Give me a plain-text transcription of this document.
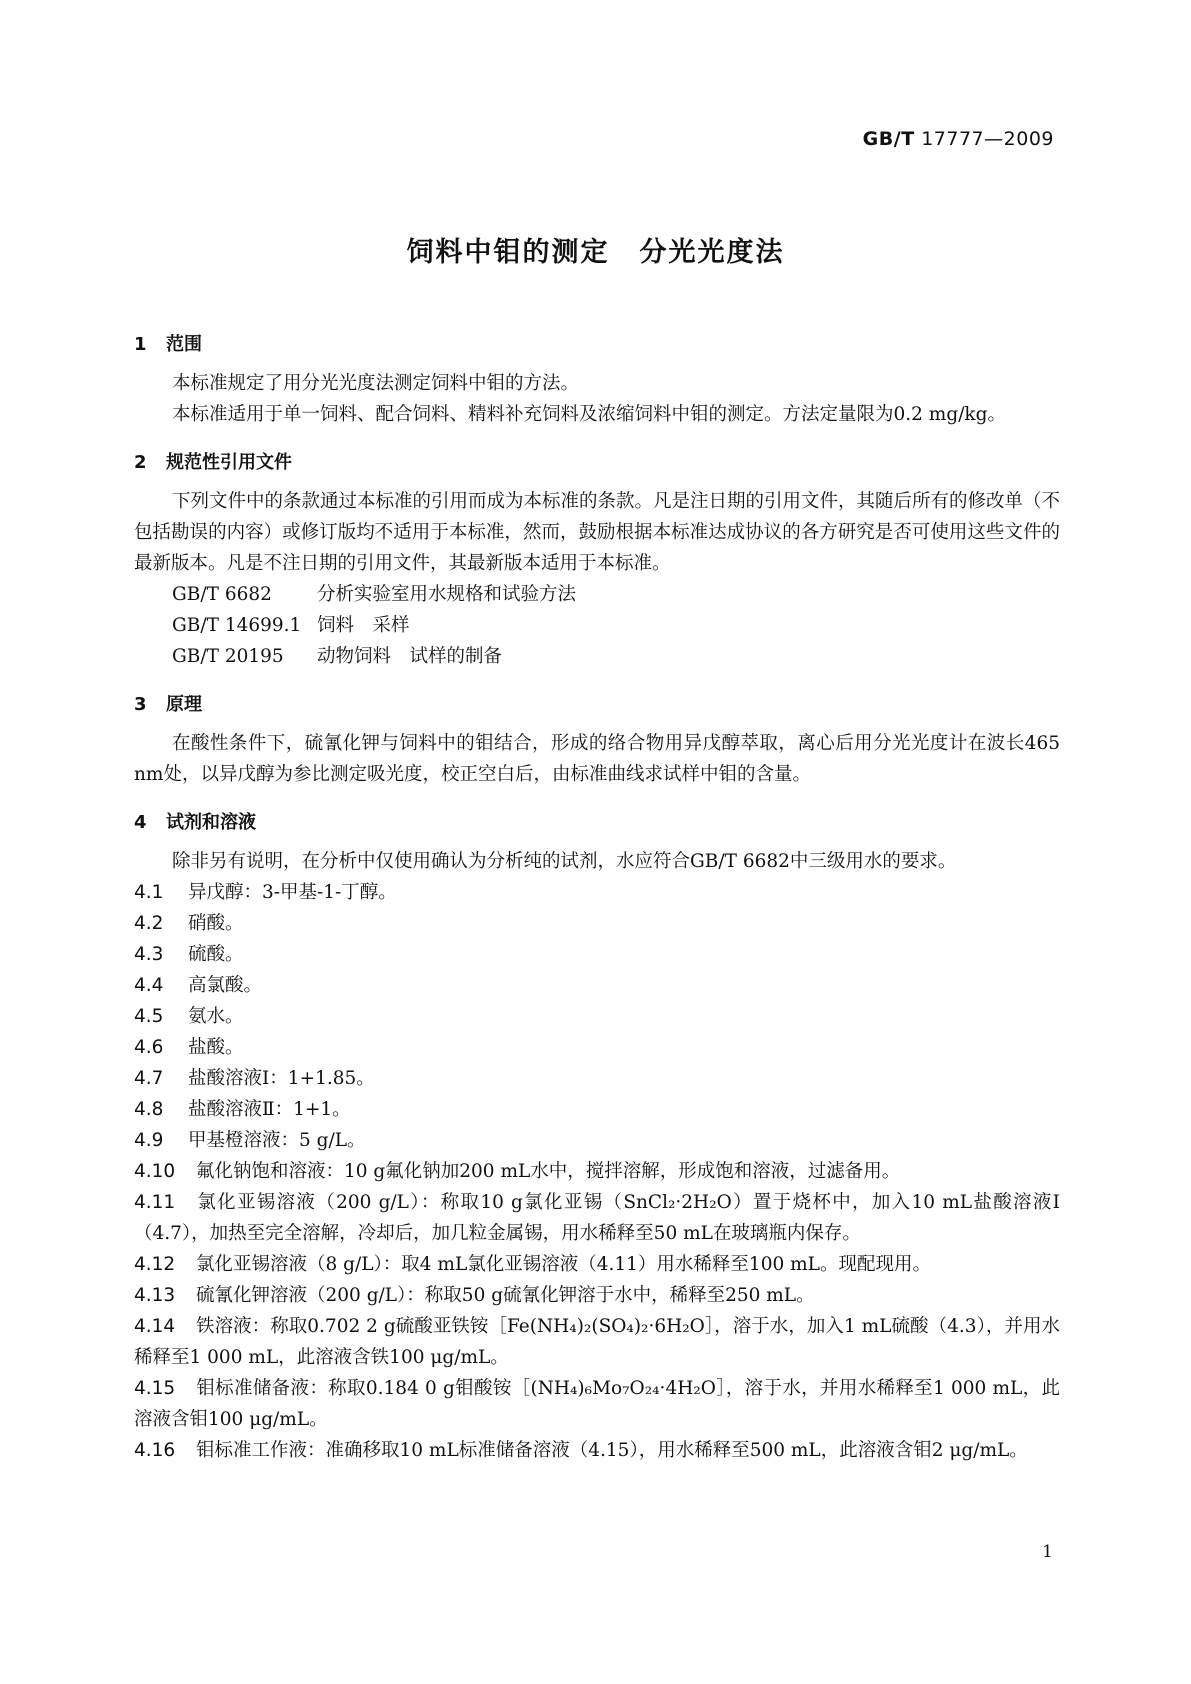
GB/T 17777—2009
饲料中钼的测定 分光光度法
1 范围

本标准规定了用分光光度法测定饲料中钼的方法。

本标准适用于单一饲料、配合饲料、精料补充饲料及浓缩饲料中钼的测定。方法定量限为0.2 mg/kg。

2 规范性引用文件

下列文件中的条款通过本标准的引用而成为本标准的条款。凡是注日期的引用文件，其随后所有的修改单（不包括勘误的内容）或修订版均不适用于本标准，然而，鼓励根据本标准达成协议的各方研究是否可使用这些文件的最新版本。凡是不注日期的引用文件，其最新版本适用于本标准。

GB/T 6682 分析实验室用水规格和试验方法
GB/T 14699.1 饲料　采样
GB/T 20195 动物饲料　试样的制备
3 原理

在酸性条件下，硫氰化钾与饲料中的钼结合，形成的络合物用异戊醇萃取，离心后用分光光度计在波长465 nm处，以异戊醇为参比测定吸光度，校正空白后，由标准曲线求试样中钼的含量。

4 试剂和溶液

除非另有说明，在分析中仅使用确认为分析纯的试剂，水应符合GB/T 6682中三级用水的要求。

4.1 异戊醇：3-甲基-1-丁醇。
4.2 硝酸。
4.3 硫酸。
4.4 高氯酸。
4.5 氨水。
4.6 盐酸。
4.7 盐酸溶液Ⅰ：1+1.85。
4.8 盐酸溶液Ⅱ：1+1。
4.9 甲基橙溶液：5 g/L。
4.10 氟化钠饱和溶液：10 g氟化钠加200 mL水中，搅拌溶解，形成饱和溶液，过滤备用。
4.11 氯化亚锡溶液（200 g/L）：称取10 g氯化亚锡（SnCl₂·2H₂O）置于烧杯中，加入10 mL盐酸溶液Ⅰ（4.7），加热至完全溶解，冷却后，加几粒金属锡，用水稀释至50 mL在玻璃瓶内保存。
4.12 氯化亚锡溶液（8 g/L）：取4 mL氯化亚锡溶液（4.11）用水稀释至100 mL。现配现用。
4.13 硫氰化钾溶液（200 g/L）：称取50 g硫氰化钾溶于水中，稀释至250 mL。
4.14 铁溶液：称取0.702 2 g硫酸亚铁铵［Fe(NH₄)₂(SO₄)₂·6H₂O］，溶于水，加入1 mL硫酸（4.3），并用水稀释至1 000 mL，此溶液含铁100 μg/mL。
4.15 钼标准储备液：称取0.184 0 g钼酸铵［(NH₄)₆Mo₇O₂₄·4H₂O］，溶于水，并用水稀释至1 000 mL，此溶液含钼100 μg/mL。
4.16 钼标准工作液：准确移取10 mL标准储备溶液（4.15），用水稀释至500 mL，此溶液含钼2 μg/mL。
1
